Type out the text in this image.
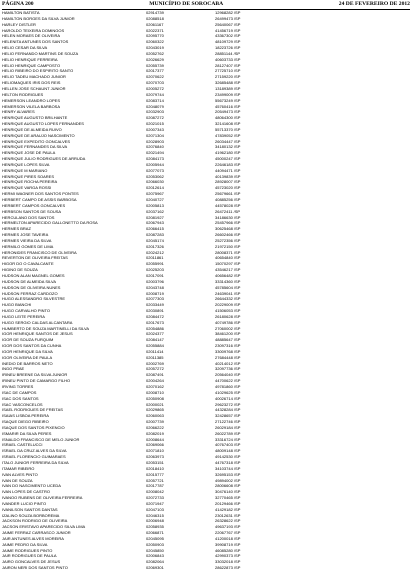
PÁGINA 200	MUNICÍPIO DE SOROCABA	24 DE FEVEREIRO DE 2012
HAMILTON BATISTA	02914739	12968282 /SP
HAMILTON BORGES DA SILVA JUNIOR	02088518	26499473 /SP
HARLEY DISTLER	02061167	25640067 /SP
HAROLDO TEIXEIRA DOMINGOS	02022371	41456719 /SP
HELEN MORAES DE OLIVEIRA	02095770	43367302 /SP
HELENITA ANTUNES DOS SANTOS	02060322	48109729 /SP
HELIO CESAR DA SILVA	02043019	18223726 /SP
HELIO FERNANDO MARTINS DE SOUZA	02052762	28851144 /SP
HELIO HENRIQUE FERREIRA	02026629	40603733 /SP
HELIO HENRIQUE CAMPOSTO	02055739	28127407 /SP
HELIO RIBEIRO DO ESPIRITO SANTO	02017377	27725710 /SP
HELIO TADEU MACHADO JUNIOR	02070622	27159220 /SP
HELIOMAQUES IRIS DOS REIS	02070703	32685488 /SP
HELLEN JOSE SCHAUNT JUNIOR	02005272	13189389 /SP
HELTON RODRIGUES	02079744	23499009 /SP
HEMERSON LEANDRO LOPES	02083714	55673249 /SP
HEMERSON VILELA BARBOSA	02048079	45760416 /SP
HENRY ALVARES	02032903	20549473 /SP
HENRIQUE AUGUSTO BRILHANTE	02087272	48064300 /SP
HENRIQUE AUGUSTO LOPES FERNANDES	02021015	32141608 /SP
HENRIQUE DE ALMEIDA RUIVO	02007343	55713370 /SP
HENRIQUE DE ARAUJO NASCIMENTO	02071304	47839052 /SP
HENRIQUE EXPEDITO GONCALVES	02028903	26034447 /SP
HENRIQUE FERNANDES DA SILVA	02076840	34180132 /SP
HENRIQUE JOSE DE PAULA	02021494	41962180 /SP
HENRIQUE JULIO RODRIGUES DE ARRUDA	02084173	45000247 /SP
HENRIQUE LOPES SILVA	02005944	22646183 /SP
HENRIQUE M MARIANO	02077073	44094471 /SP
HENRIQUE PIRES SOARES	02053062	40139839 /SP
HENRIQUE ROCHA PEREIRA	02066030	28928007 /SP
HENRIQUE VARGA ROSSI	02012614	45723020 /SP
HERMI WAGNER DOS SANTOS PONTES	02075967	25679661 /SP
HERBERT CAMPO DE ASSIS BARBOSA	02040727	40885256 /SP
HERBERT CAMPOS GONCALVES	02005813	44578028 /SP
HERBSON SANTOS DE SOUSA	02037162	26472411 /SP
HERCULANO DOS SANTOS	02081927	34186630 /SP
HERMELTON APARECIDO GALLONETTO DA ROSA	02067943	25457966 /SP
HERMES BRAZ	02066415	30625468 /SP
HERMES JOSE TAVEIRA	02087283	26602466 /SP
HERMES VIEIRA DA SILVA	02045174	25272356 /SP
HERMILO GOMES DE LIMA	02017326	21972150 /SP
HERONIDES FRANCISCO DE OLIVEIRA	02024212	28008371 /SP
REVERTON DE OLIVEIRA FREITAS	02011861	40654840 /SP
HIGOR DO O CAVALCANTE	02055991	15070297 /SP
HIGINO DE SOUZA	02025203	43546217 /SP
HUDSON ALAN MAGNEL GOMES	02017091	40656482 /SP
HUDSON DE ALMEIDA SILVA	02003796	33314360 /SP
HUDSON DE OLIVEIRA NUNES	02043748	45785604 /SP
HUDSON FERRAZ CARDOZO	02008719	24639041 /SP
HUGO ALESSANDRO SILVESTRE	02077303	26644332 /SP
HUGO BIANCHI	02033449	20229009 /SP
HUGO CARVALHO PINTO	02030891	41506053 /SP
HUGO LEITE PEREIRA	02084472	26180628 /SP
HUGO SERGIO CALDAS ALCANTARA	02017673	40749786 /SP
HUMBERTO DE SOUZA MARTINELLI DA SILVA	02054886	27060002 /SP
IGOR HENRIQUE SANTOS DE JESUS	02024377	38461200 /SP
IGOR DE SOUZA FURQUIM	02084147	48885647 /SP
IGOR DOS SANTOS DA CUNHA	02055884	23097316 /SP
IGOR HENRIQUE DA SILVA	02011414	33009768 /SP
IGOR OLIVEIRA DE PAULA	02011385	27684448 /SP
INEDIO DE BARROS NETO	02002769	40214012 /SP
INGO PRAE	02057272	32097736 /SP
IRINEU BREENE DA SILVA JUNIOR	02087491	20564040 /SP
IRINEU PINTO DE CAMARGO FILHO	02004264	44700622 /SP
IRVING TORRES	02070162	49781860 /SP
ISAC DE CAMPOS	02008710	41029625 /SP
ISAC DOS SANTOS	02050908	40026714 /SP
ISAC VASCONCELOS	02000021	29623272 /SP
ISAEL RODRIGUES DE FREITAS	02029865	44328284 /SP
ISAIAS LISBOA PEREIRA	02060063	32428657 /SP
ISAQUE DIEGO RIBEIRO	02007739	27122746 /SP
ISAQUE DOS SANTOS PIXENCIO	02066222	26029184 /SP
ISMARIR DA SILVA PERES	02082019	26022789 /SP
ISNALDO FRANCISCO DE MELO JUNIOR	02008644	33316724 /SP
ISRAEL CASTELUCCI	02069066	40767403 /SP
ISRAEL DA CRUZ ALVES DA SILVA	02071810	48009148 /SP
ISRAEL FLORENCIO GUIMARAES	02063973	49142530 /SP
ITALO JUNIOR FERREIRA DA SILVA	02053151	44767318 /SP
ITAMAR RIBEIRO	02018410	34103744 /SP
IVAN ALVES PINTO	02015777	32695153 /SP
IVAN DE SOUZA	02057721	49894002 /SP
IVAN DO NASCIMENTO UCEDA	02017787	28006608 /SP
IVAN LOPES DE CASTRO	02008042	30476140 /SP
IVANOO RUBENS DE OLIVEIRA FERREIRA	02072733	32770465 /SP
IVANDER LUCIO PINTO	02071947	20129466 /SP
IVANILSON SANTOS DANTAS	02047103	41429182 /SP
IZALINO SOUZA BORBOREMA	02046315	23012631 /SP
JACKSON RODRIGO DE OLIVEIRA	02006948	26328622 /SP
JACSON ERISTAVO APARECIDO SILVA LIMA	02058935	49637193 /SP
JAIME FERRAZ CARRASCO JUNIOR	02066871	22067767 /SP
JAIR ANTUNES ALVES MOREIRA	02045095	41200018 /SP
JAIME PEDRO DA SILVA	02050903	39908719 /SP
JAIME RODRIGUES PINTO	02045850	46085280 /SP
JAIR RODRIGUES DE PAULA	02006843	42990373 /SP
JAIRO GONCALVES DE JESUS	02082064	33032018 /SP
JAIRON NERI DOS SANTOS PINTO	02069301	28622873 /SP
